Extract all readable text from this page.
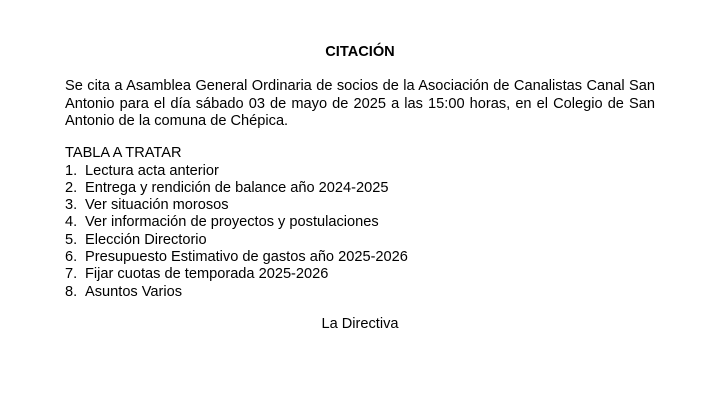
CITACIÓN

Se cita a Asamblea General Ordinaria de socios de la Asociación de Canalistas Canal San Antonio para el día sábado 03 de mayo de 2025 a las 15:00 horas, en el Colegio de San Antonio de la comuna de Chépica.

TABLA A TRATAR
1. Lectura acta anterior
2. Entrega y rendición de balance año 2024-2025
3. Ver situación morosos
4. Ver información de proyectos y postulaciones
5. Elección Directorio
6. Presupuesto Estimativo de gastos año 2025-2026
7. Fijar cuotas de temporada 2025-2026
8. Asuntos Varios
La Directiva
